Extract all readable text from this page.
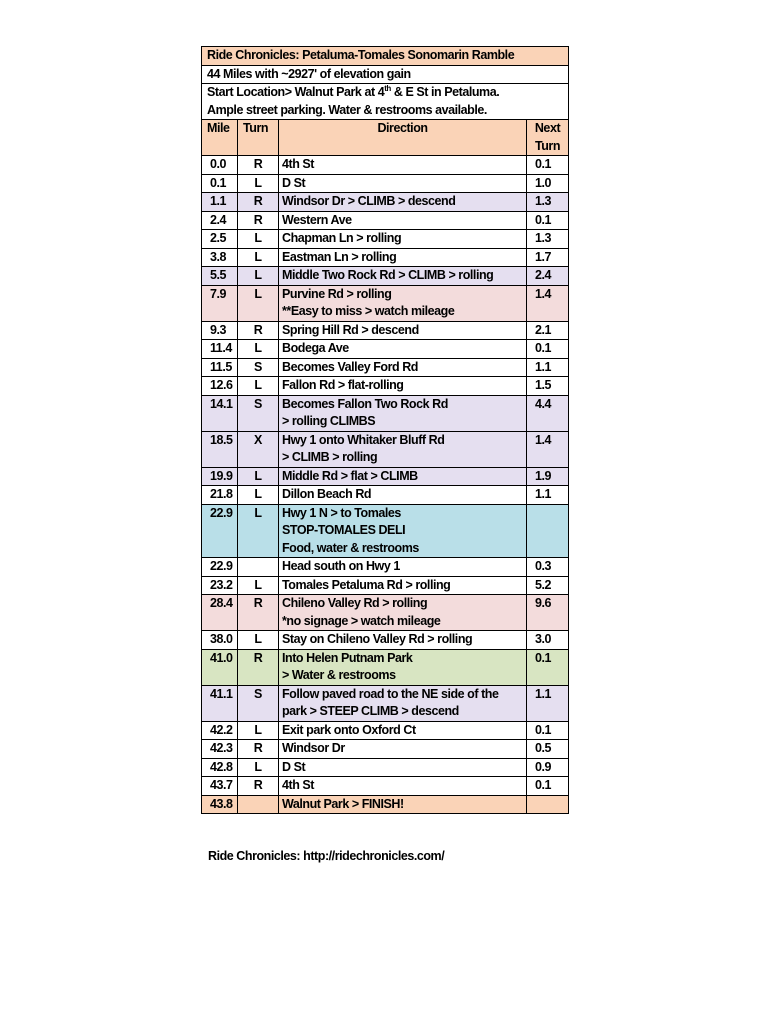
Ride Chronicles: Petaluma-Tomales Sonomarin Ramble			
44 Miles with ~2927' of elevation gain			
Start Location> Walnut Park at 4th & E St in Petaluma.
Ample street parking. Water & restrooms available.			
Mile	Turn	Direction	Next
Turn
0.0	R	4th St	0.1
0.1	L	D St	1.0
1.1	R	Windsor Dr > CLIMB > descend	1.3
2.4	R	Western Ave	0.1
2.5	L	Chapman Ln > rolling	1.3
3.8	L	Eastman Ln > rolling	1.7
5.5	L	Middle Two Rock Rd > CLIMB > rolling	2.4
7.9	L	Purvine Rd > rolling
**Easy to miss > watch mileage	1.4
9.3	R	Spring Hill Rd > descend	2.1
11.4	L	Bodega Ave	0.1
11.5	S	Becomes Valley Ford Rd	1.1
12.6	L	Fallon Rd > flat-rolling	1.5
14.1	S	Becomes Fallon Two Rock Rd
> rolling CLIMBS	4.4
18.5	X	Hwy 1 onto Whitaker Bluff Rd
> CLIMB > rolling	1.4
19.9	L	Middle Rd > flat > CLIMB	1.9
21.8	L	Dillon Beach Rd	1.1
22.9	L	Hwy 1 N > to Tomales
STOP-TOMALES DELI
Food, water & restrooms	

22.9		Head south on Hwy 1	0.3
23.2	L	Tomales Petaluma Rd > rolling	5.2
28.4	R	Chileno Valley Rd > rolling
*no signage > watch mileage	9.6
38.0	L	Stay on Chileno Valley Rd > rolling	3.0
41.0	R	Into Helen Putnam Park
> Water & restrooms	0.1
41.1	S	Follow paved road to the NE side of the
park > STEEP CLIMB > descend	1.1
42.2	L	Exit park onto Oxford Ct	0.1
42.3	R	Windsor Dr	0.5
42.8	L	D St	0.9
43.7	R	4th St	0.1
43.8		Walnut Park > FINISH!	

Ride Chronicles: http://ridechronicles.com/
